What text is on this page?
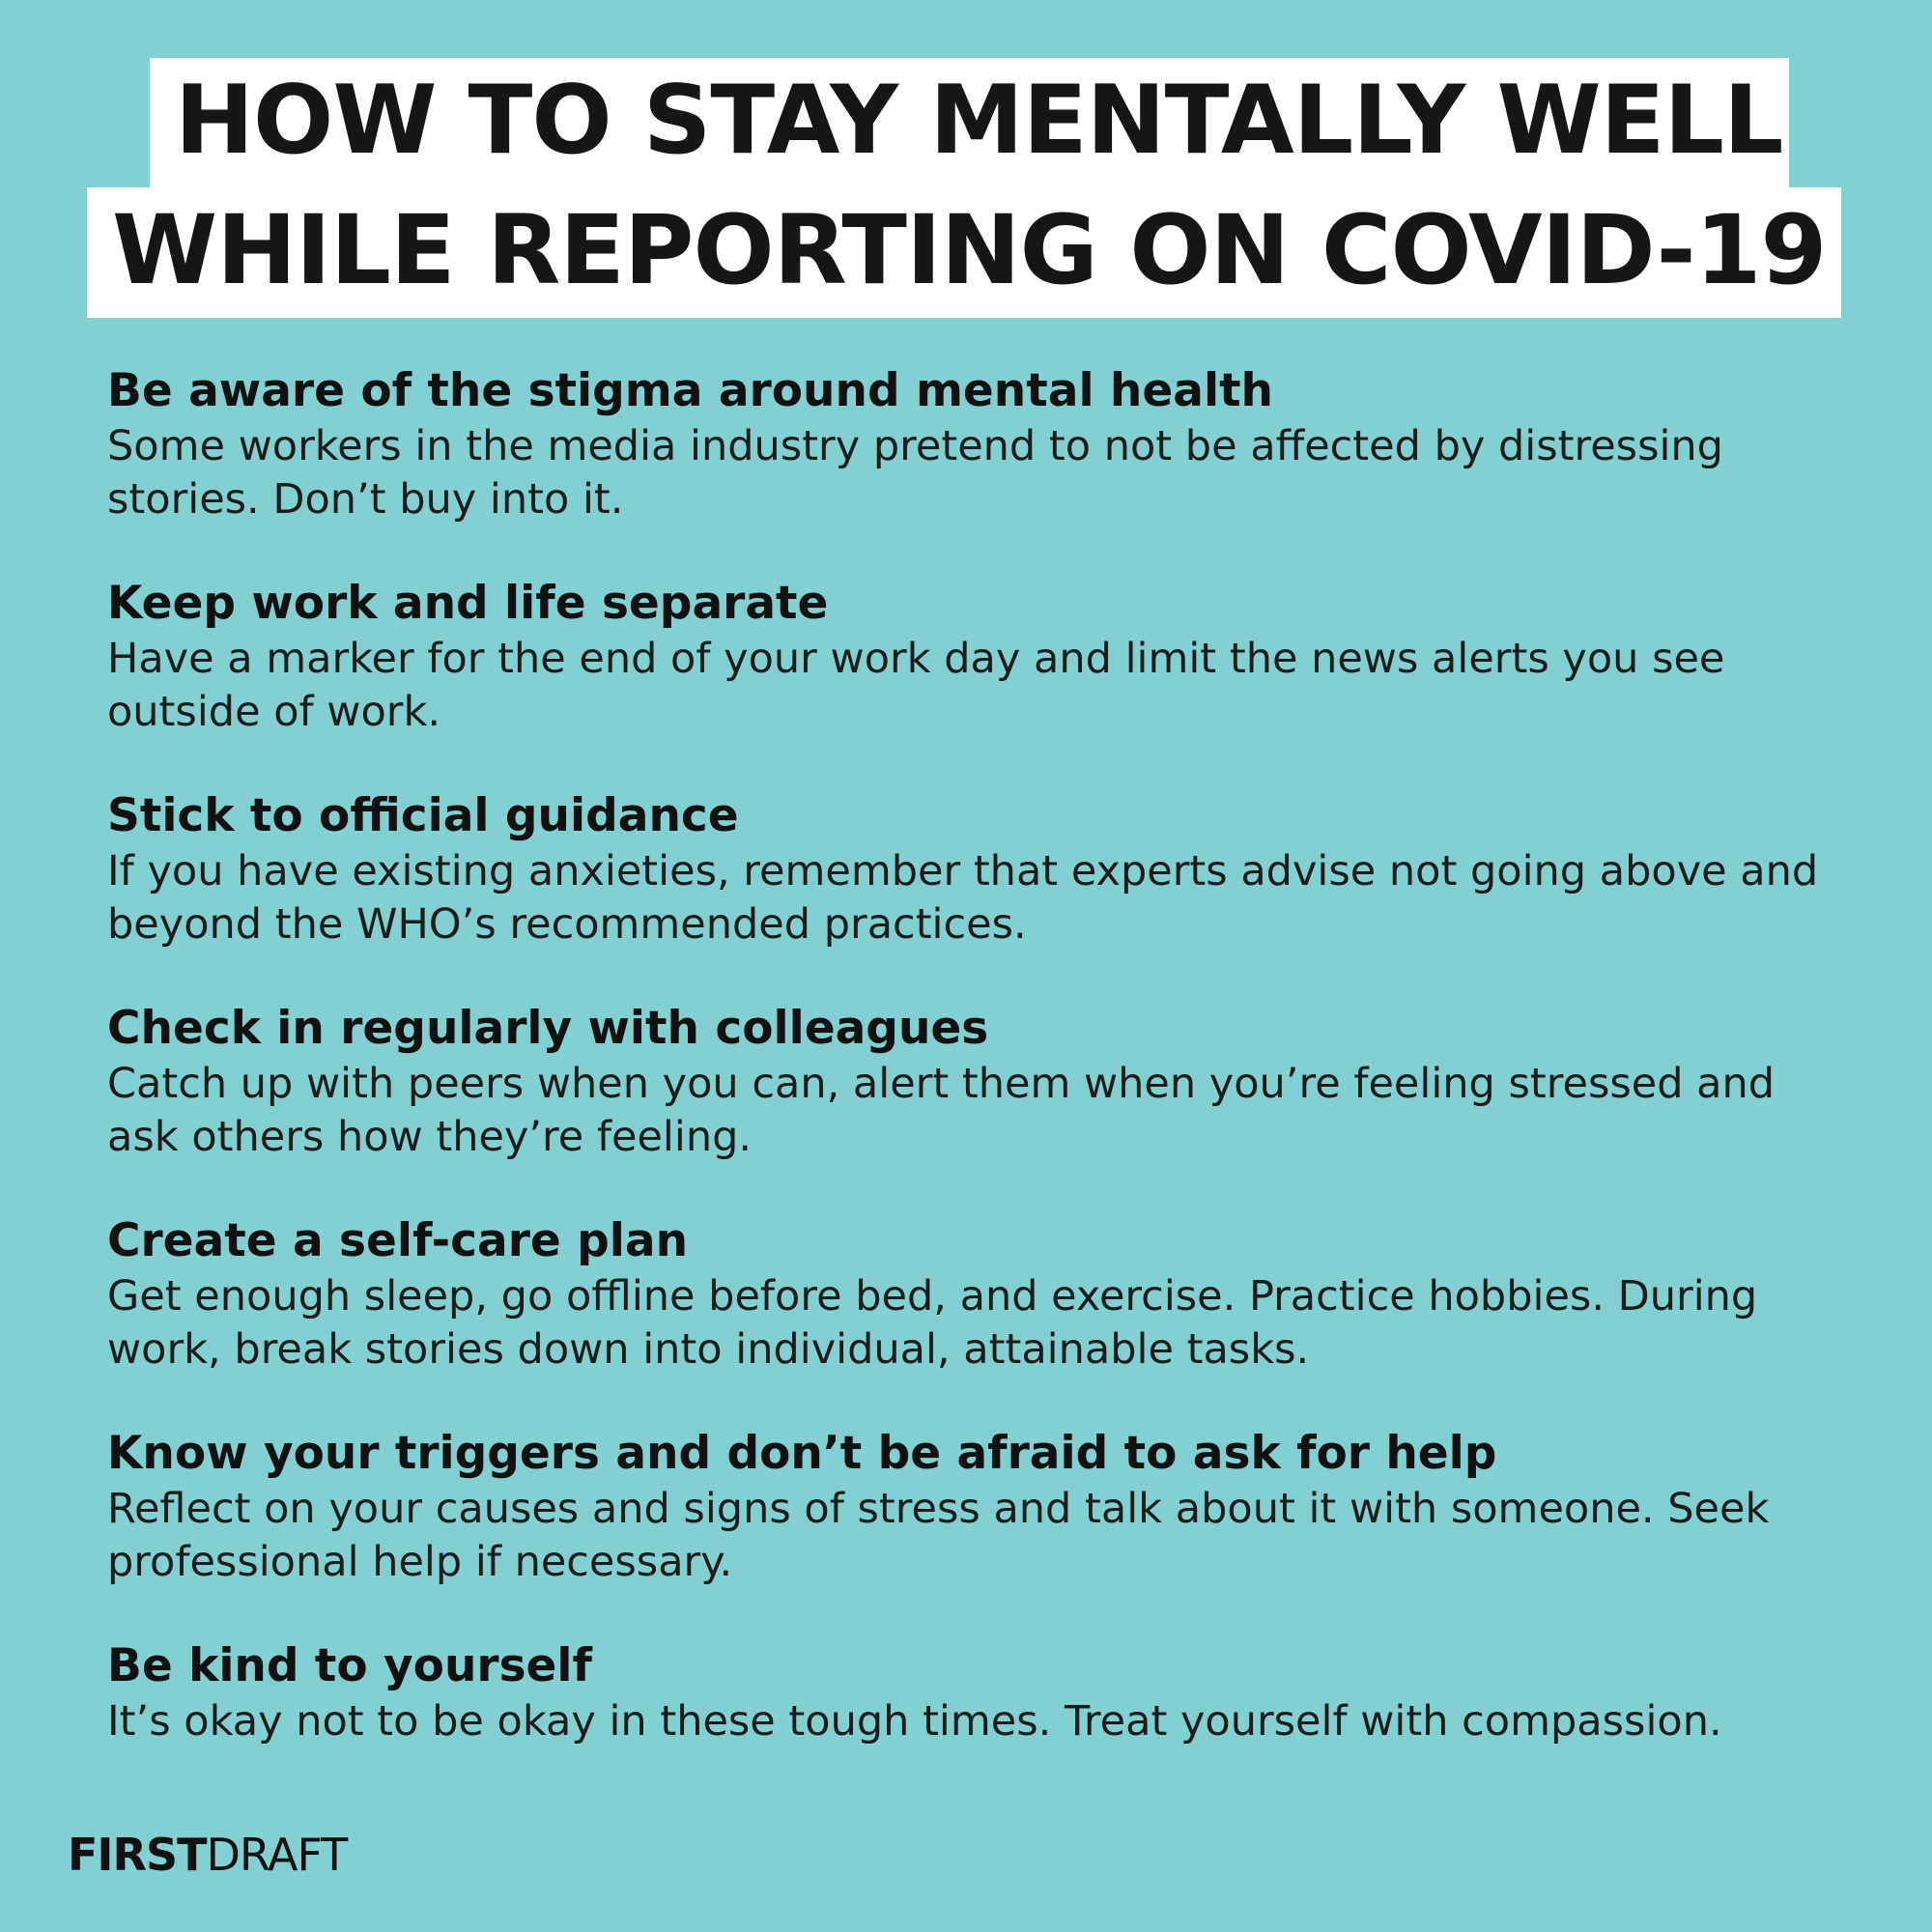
HOW TO STAY MENTALLY WELL
WHILE REPORTING ON COVID-19

Be aware of the stigma around mental health

Some workers in the media industry pretend to not be affected by distressing stories. Don’t buy into it.

Keep work and life separate

Have a marker for the end of your work day and limit the news alerts you see outside of work.

Stick to official guidance

If you have existing anxieties, remember that experts advise not going above and beyond the WHO’s recommended practices.

Check in regularly with colleagues

Catch up with peers when you can, alert them when you’re feeling stressed and ask others how they’re feeling.

Create a self-care plan

Get enough sleep, go offline before bed, and exercise. Practice hobbies. During work, break stories down into individual, attainable tasks.

Know your triggers and don’t be afraid to ask for help

Reflect on your causes and signs of stress and talk about it with someone. Seek professional help if necessary.

Be kind to yourself

It’s okay not to be okay in these tough times. Treat yourself with compassion.

FIRSTDRAFT
